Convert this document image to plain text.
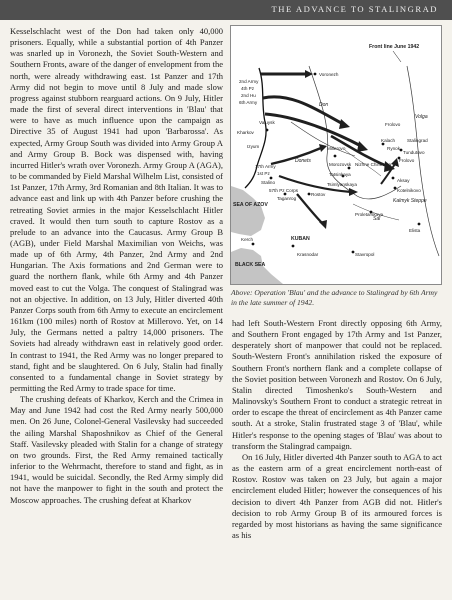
THE ADVANCE TO STALINGRAD

Kesselschlacht west of the Don had taken only 40,000 prisoners. Equally, while a substantial portion of 4th Panzer was snarled up in Voronezh, the Soviet South-Western and Southern Fronts, aware of the danger of envelopment from the north, were already withdrawing east. 1st Panzer and 17th Army did not begin to move until 8 July and made slow progress against stubborn rearguard actions. On 9 July, Hitler made the first of several direct interventions in 'Blau' that were to have as much influence upon the campaign as Directive 35 of August 1941 had upon 'Barbarossa'. As expected, Army Group South was divided into Army Group A and Army Group B. Bock was dispensed with, having incurred Hitler's wrath over Voronezh. Army Group A (AGA), to be commanded by Field Marshal Wilhelm List, consisted of 1st Panzer, 17th Army, 3rd Romanian and 8th Italian. It was to advance east and link up with 4th Panzer before crushing the retreating Soviet armies in the major Kesselschlacht Hitler craved. It would then turn south to capture Rostov as a prelude to an advance into the Caucasus. Army Group B (AGB), under Field Marshal Maximilian von Weichs, was made up of 6th Army, 4th Panzer, 2nd Army and 2nd Hungarian. The Axis formations and 2nd German were to guard the northern flank, while 6th Army and 4th Panzer moved east to cut the Volga. The conquest of Stalingrad was not an objective. In addition, on 13 July, Hitler diverted 40th Panzer Corps south from 6th Army to execute an encirclement 161km (100 miles) north of Rostov at Millerovo. Yet, on 14 July, the Germans netted a paltry 14,000 prisoners. The Soviets had already withdrawn east in relatively good order. In contrast to 1941, the Red Army was no longer prepared to stand, fight and be slaughtered. On 6 July, Stalin had finally consented to a fundamental change in Soviet strategy by permitting the Red Army to trade space for time.

The crushing defeats of Kharkov, Kerch and the Crimea in May and June 1942 had cost the Red Army nearly 500,000 men. On 26 June, Colonel-General Vasilevsky had succeeded the ailing Marshal Shaposhnikov as Chief of the General Staff. Vasilevsky pleaded with Stalin for a change of strategy on two grounds. First, the Red Army remained tactically inferior to the Wehrmacht, therefore to stand and fight, as in 1941, would be suicidal. Secondly, the Red Army simply did not have the manpower to fight in the south and protect the Moscow approaches. The crushing defeat at Kharkov

Front line June 1942
Voronezh
2nd Army
4th Pz
2nd Hu
6th Army
Valuysk
Kharkov
Frolovo
Izyum	Millerovo
Kalach	Stalingrad
Rynok
Tundutovo
Frolovo
Morozovsk Nizhne Chirskaya
17th Army
1st Pz
Stalino
Tatsinkaya
Tsimlyanskaya
57th Pz Corps
Taganrog
Rostov
Aksay
Kotelnikovo
Kalmyk Steppe
Proletarskaya
Elista
SEA OF AZOV
KUBAN
Stavropol
Krasnodar
Kerch
BLACK SEA
Donets
Don
Volga
Sal
Above: Operation 'Blau' and the advance to Stalingrad by 6th Army in the late summer of 1942.

had left South-Western Front directly opposing 6th Army, and Southern Front engaged by 17th Army and 1st Panzer, desperately short of manpower that could not be replaced. South-Western Front's annihilation risked the exposure of Southern Front's northern flank and a complete collapse of the Soviet position between Voronezh and Rostov. On 6 July, Stalin directed Timoshenko's South-Western and Malinovsky's Southern Front to conduct a strategic retreat in order to escape the threat of encirclement as 4th Panzer came south. At a stroke, Stalin frustrated stage 3 of 'Blau', while Hitler's response to the opening stages of 'Blau' was about to transform the Stalingrad campaign.

On 16 July, Hitler diverted 4th Panzer south to AGA to act as the eastern arm of a great encirclement north-east of Rostov. Rostov was taken on 23 July, but again a major encirclement eluded Hitler; however the consequences of his decision to divert 4th Panzer from AGB did not. Hitler's decision to rob Army Group B of its armoured forces is regarded by most historians as having the same significance as his
